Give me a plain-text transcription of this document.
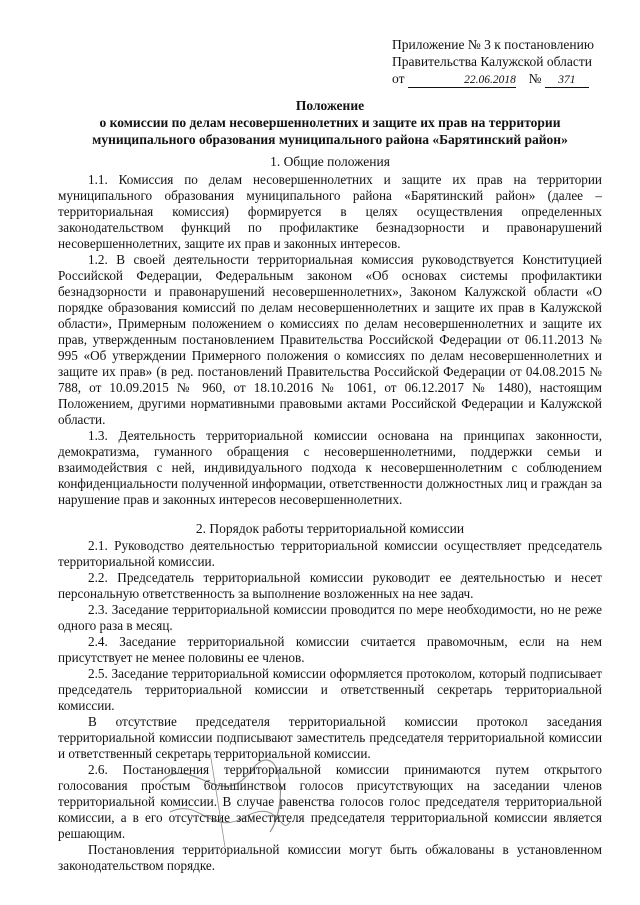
Приложение № 3 к постановлению
Правительства Калужской области
от	22.06.2018 № 371
Положение
о комиссии по делам несовершеннолетних и защите их прав на территории
муниципального образования муниципального района «Барятинский район»
1. Общие положения

1.1. Комиссия по делам несовершеннолетних и защите их прав на территории муниципального образования муниципального района «Барятинский район» (далее – территориальная комиссия) формируется в целях осуществления определенных законодательством функций по профилактике безнадзорности и правонарушений несовершеннолетних, защите их прав и законных интересов.

1.2. В своей деятельности территориальная комиссия руководствуется Конституцией Российской Федерации, Федеральным законом «Об основах системы профилактики безнадзорности и правонарушений несовершеннолетних», Законом Калужской области «О порядке образования комиссий по делам несовершеннолетних и защите их прав в Калужской области», Примерным положением о комиссиях по делам несовершеннолетних и защите их прав, утвержденным постановлением Правительства Российской Федерации от 06.11.2013 № 995 «Об утверждении Примерного положения о комиссиях по делам несовершеннолетних и защите их прав» (в ред. постановлений Правительства Российской Федерации от 04.08.2015 № 788, от 10.09.2015 № 960, от 18.10.2016 № 1061, от 06.12.2017 № 1480), настоящим Положением, другими нормативными правовыми актами Российской Федерации и Калужской области.

1.3. Деятельность территориальной комиссии основана на принципах законности, демократизма, гуманного обращения с несовершеннолетними, поддержки семьи и взаимодействия с ней, индивидуального подхода к несовершеннолетним с соблюдением конфиденциальности полученной информации, ответственности должностных лиц и граждан за нарушение прав и законных интересов несовершеннолетних.

2. Порядок работы территориальной комиссии

2.1. Руководство деятельностью территориальной комиссии осуществляет председатель территориальной комиссии.

2.2. Председатель территориальной комиссии руководит ее деятельностью и несет персональную ответственность за выполнение возложенных на нее задач.

2.3. Заседание территориальной комиссии проводится по мере необходимости, но не реже одного раза в месяц.

2.4. Заседание территориальной комиссии считается правомочным, если на нем присутствует не менее половины ее членов.

2.5. Заседание территориальной комиссии оформляется протоколом, который подписывает председатель территориальной комиссии и ответственный секретарь территориальной комиссии.

В отсутствие председателя территориальной комиссии протокол заседания территориальной комиссии подписывают заместитель председателя территориальной комиссии и ответственный секретарь территориальной комиссии.

2.6. Постановления территориальной комиссии принимаются путем открытого голосования простым большинством голосов присутствующих на заседании членов территориальной комиссии. В случае равенства голосов голос председателя территориальной комиссии, а в его отсутствие заместителя председателя территориальной комиссии является решающим.

Постановления территориальной комиссии могут быть обжалованы в установленном законодательством порядке.
